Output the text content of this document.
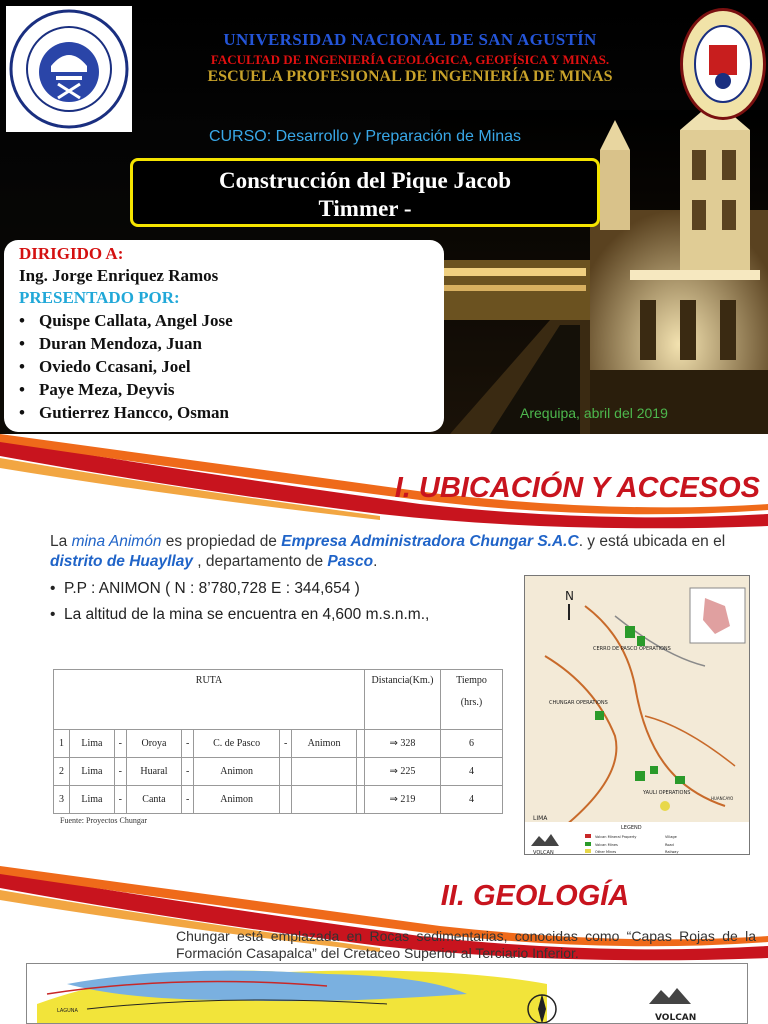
UNIVERSIDAD NACIONAL DE SAN AGUSTÍN
FACULTAD DE INGENIERÍA GEOLÓGICA, GEOFÍSICA Y MINAS.
ESCUELA PROFESIONAL DE INGENIERÍA DE MINAS
CURSO: Desarrollo y Preparación de Minas
Construcción del Pique Jacob
Timmer -
DIRIGIDO A:
Ing. Jorge Enriquez Ramos
PRESENTADO POR:
• Quispe Callata, Angel Jose
• Duran Mendoza, Juan
• Oviedo Ccasani, Joel
• Paye Meza, Deyvis
• Gutierrez Hancco, Osman	Arequipa, abril del 2019
I. UBICACIÓN Y ACCESOS

La mina Animón es propiedad de Empresa Administradora Chungar S.A.C. y está ubicada en el distrito de Huayllay , departamento de Pasco.

• P.P : ANIMON ( N : 8’780,728 E : 344,654 )
• La altitud de la mina se encuentra en 4,600 m.s.n.m.,
RUTA									Distancia(Km.)	Tiempo

(hrs.)
1	Lima	-	Oroya	-	C. de Pasco	-	Animon		⇒ 328	6
2	Lima	-	Huaral	-	Animon				⇒ 225	4
3	Lima	-	Canta	-	Animon				⇒ 219	4
Fuente: Proyectos Chungar
N
CERRO DE PASCO OPERATIONS
CHUNGAR OPERATIONS
YAULI OPERATIONS
LIMA
HUANCAYO
LEGEND
VOLCAN
Volcan Mineral Property
Volcan Mines
Other Mines
Village
Road
Railway
II. GEOLOGÍA

Chungar está emplazada en Rocas sedimentarias, conocidas como “Capas Rojas de la Formación Casapalca” del Cretaceo Superior al Terciario Inferior.

VOLCAN
LAGUNA
